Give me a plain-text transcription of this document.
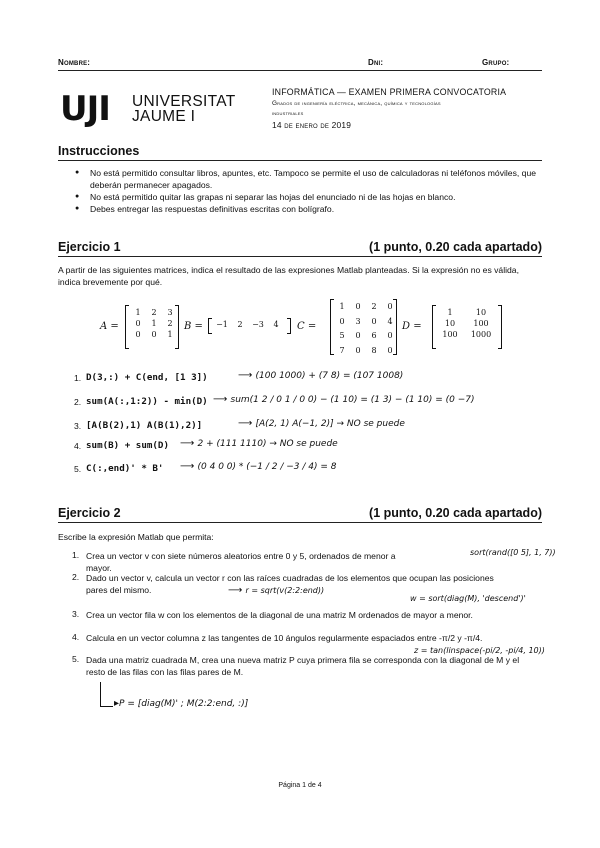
Nombre:	Dni:	Grupo:
UJI UNIVERSITAT
JAUME I
INFORMÁTICA — EXAMEN PRIMERA CONVOCATORIA
Grados de ingeniería eléctrica, mecánica, química y tecnologías
industriales
14 de enero de 2019
Instrucciones
● No está permitido consultar libros, apuntes, etc. Tampoco se permite el uso de calculadoras ni teléfonos móviles, que deberán permanecer apagados.
● No está permitido quitar las grapas ni separar las hojas del enunciado ni de las hojas en blanco.
● Debes entregar las respuestas definitivas escritas con bolígrafo.
Ejercicio 1	(1 punto, 0.20 cada apartado)
A partir de las siguientes matrices, indica el resultado de las expresiones Matlab planteadas. Si la expresión no es válida, indica brevemente por qué.
A =
1	2	3
0	1	2
0	0	1
B =	−1 2 −3 4	C =
1	0	2	0
0	3	0	4
5	0	6	0
7	0	8	0
D =
1	10
10	100
100	1000
1. D(3,:) + C(end, [1 3])	⟶ (100 1000) + (7 8) = (107 1008)
2. sum(A(:,1:2)) - min(D) ⟶ sum(1 2 / 0 1 / 0 0) − (1 10) = (1 3) − (1 10) = (0 −7)
3. [A(B(2),1) A(B(1),2)]	⟶ [A(2, 1) A(−1, 2)] → NO se puede
4. sum(B) + sum(D) ⟶ 2 + (111 1110) → NO se puede
5. C(:,end)' * B' ⟶ (0 4 0 0) * (−1 / 2 / −3 / 4) = 8
Ejercicio 2	(1 punto, 0.20 cada apartado)
Escribe la expresión Matlab que permita:
1. Crea un vector v con siete números aleatorios entre 0 y 5, ordenados de menor a mayor.
sort(rand([0 5], 1, 7))
2. Dado un vector v, calcula un vector r con las raíces cuadradas de los elementos que ocupan las posiciones pares del mismo.	⟶ r = sqrt(v(2:2:end))
w = sort(diag(M), 'descend')'
3. Crea un vector fila w con los elementos de la diagonal de una matriz M ordenados de mayor a menor.
4. Calcula en un vector columna z las tangentes de 10 ángulos regularmente espaciados entre -π/2 y -π/4.
5. Dada una matriz cuadrada M, crea una nueva matriz P cuya primera fila se corresponda con la diagonal de M y el resto de las filas con las filas pares de M.
z = tan(linspace(-pi/2, -pi/4, 10))
▸P = [diag(M)' ; M(2:2:end, :)]
Página 1 de 4
